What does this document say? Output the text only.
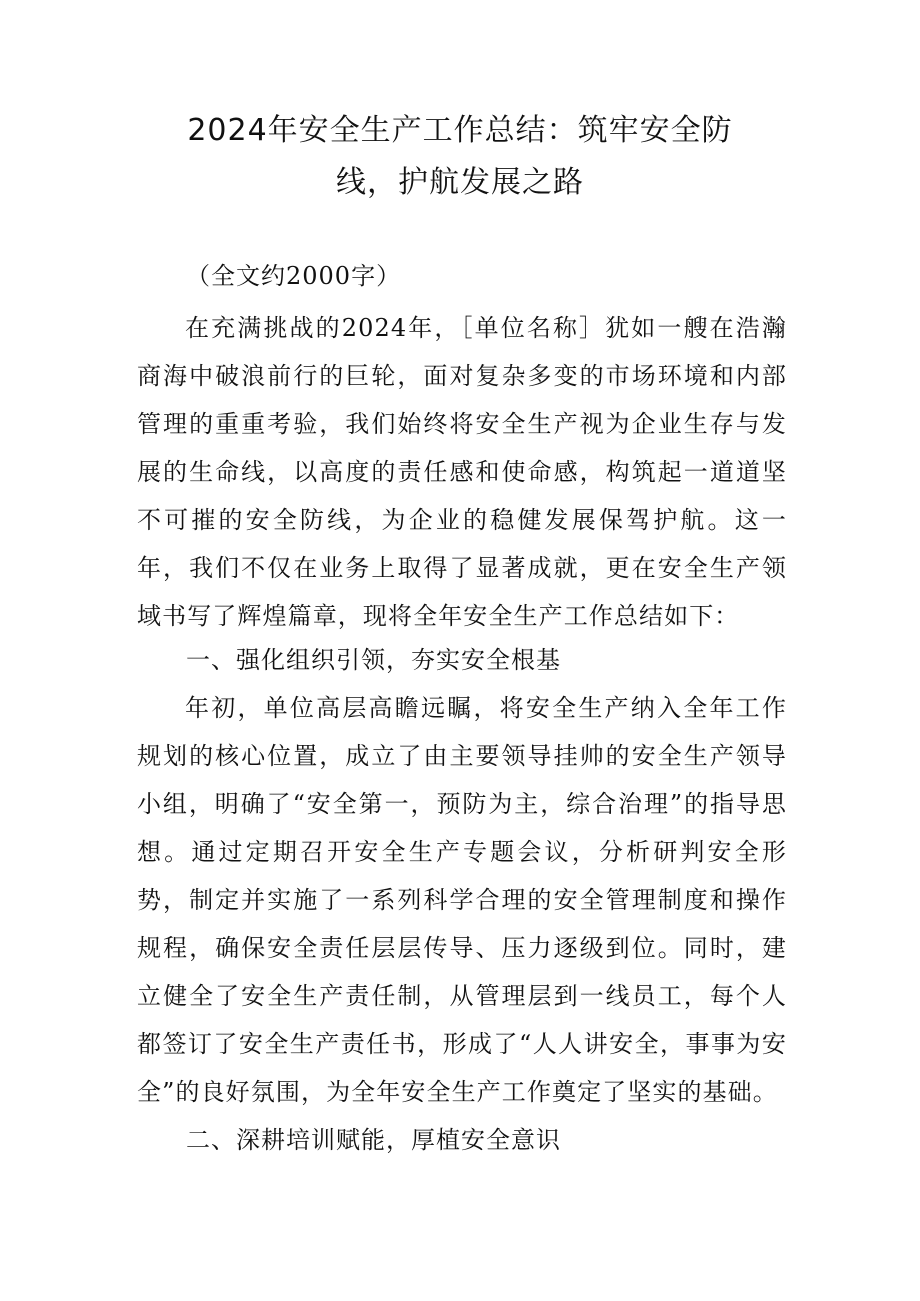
2024年安全生产工作总结：筑牢安全防
线，护航发展之路

（全文约2000字）

在充满挑战的2024年，［单位名称］犹如一艘在浩瀚商海中破浪前行的巨轮，面对复杂多变的市场环境和内部管理的重重考验，我们始终将安全生产视为企业生存与发展的生命线，以高度的责任感和使命感，构筑起一道道坚不可摧的安全防线，为企业的稳健发展保驾护航。这一年，我们不仅在业务上取得了显著成就，更在安全生产领域书写了辉煌篇章，现将全年安全生产工作总结如下：

一、强化组织引领，夯实安全根基

年初，单位高层高瞻远瞩，将安全生产纳入全年工作规划的核心位置，成立了由主要领导挂帅的安全生产领导小组，明确了“安全第一，预防为主，综合治理”的指导思想。通过定期召开安全生产专题会议，分析研判安全形势，制定并实施了一系列科学合理的安全管理制度和操作规程，确保安全责任层层传导、压力逐级到位。同时，建立健全了安全生产责任制，从管理层到一线员工，每个人都签订了安全生产责任书，形成了“人人讲安全，事事为安全”的良好氛围，为全年安全生产工作奠定了坚实的基础。

二、深耕培训赋能，厚植安全意识
